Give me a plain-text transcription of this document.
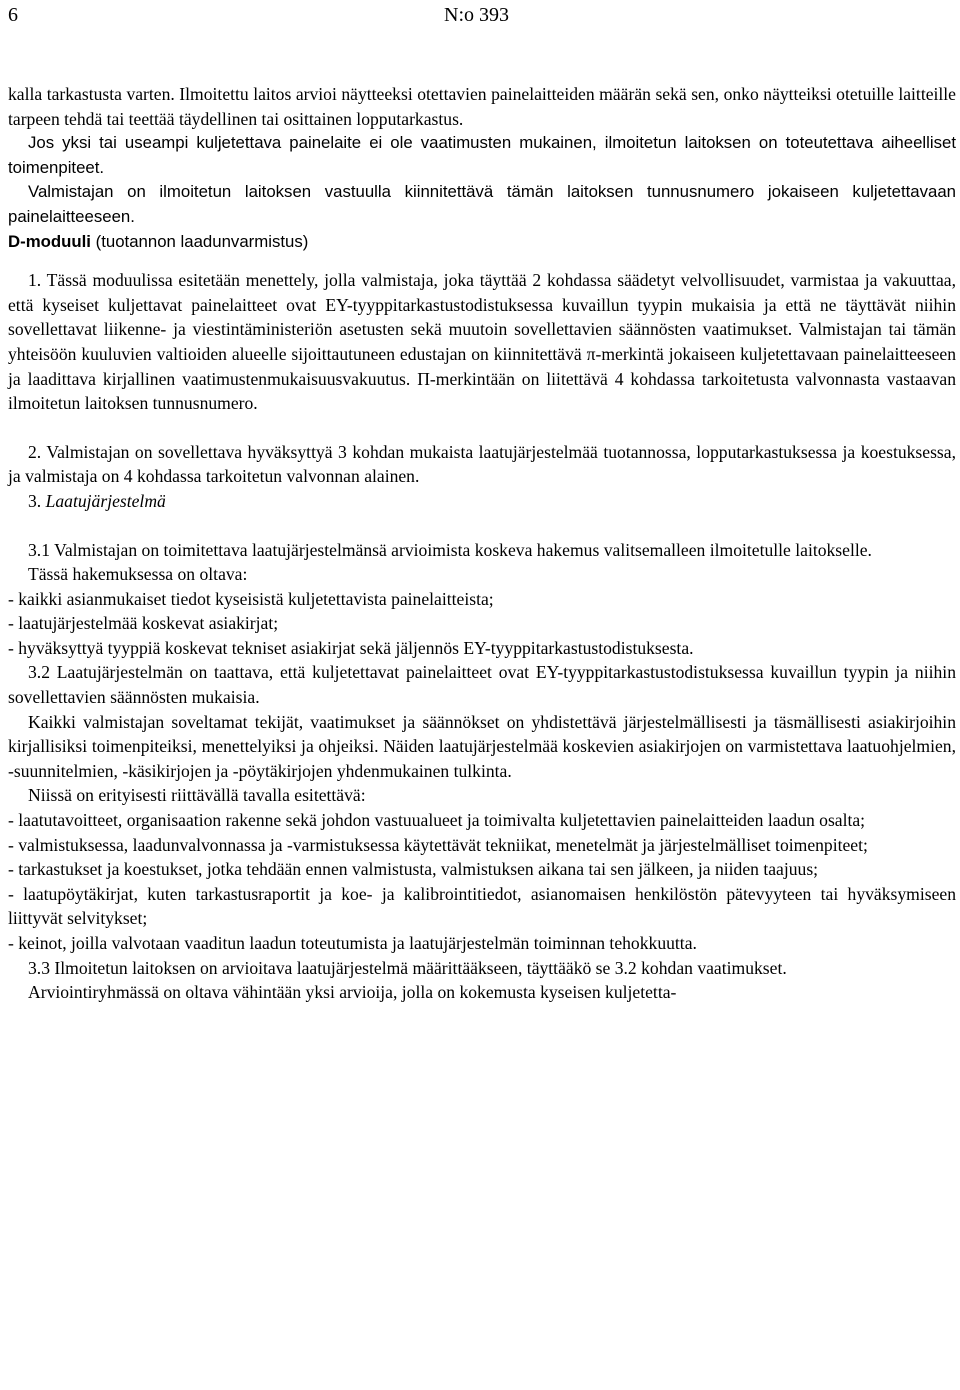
6	N:o 393

kalla tarkastusta varten. Ilmoitettu laitos arvioi näytteeksi otettavien painelaitteiden määrän sekä sen, onko näytteiksi otetuille laitteille tarpeen tehdä tai teettää täydellinen tai osittainen lopputarkastus.

Jos yksi tai useampi kuljetettava painelaite ei ole vaatimusten mukainen, ilmoitetun laitoksen on toteutettava aiheelliset toimenpiteet.

Valmistajan on ilmoitetun laitoksen vastuulla kiinnitettävä tämän laitoksen tunnusnumero jokaiseen kuljetettavaan painelaitteeseen.

D-moduuli (tuotannon laadunvarmistus)

1. Tässä moduulissa esitetään menettely, jolla valmistaja, joka täyttää 2 kohdassa säädetyt velvollisuudet, varmistaa ja vakuuttaa, että kyseiset kuljettavat painelaitteet ovat EY-tyyppitarkastustodistuksessa kuvaillun tyypin mukaisia ja että ne täyttävät niihin sovellettavat liikenne- ja viestintäministeriön asetusten sekä muutoin sovellettavien säännösten vaatimukset. Valmistajan tai tämän yhteisöön kuuluvien valtioiden alueelle sijoittautuneen edustajan on kiinnitettävä π-merkintä jokaiseen kuljetettavaan painelaitteeseen ja laadittava kirjallinen vaatimustenmukaisuusvakuutus. Π-merkintään on liitettävä 4 kohdassa tarkoitetusta valvonnasta vastaavan ilmoitetun laitoksen tunnusnumero.

2. Valmistajan on sovellettava hyväksyttyä 3 kohdan mukaista laatujärjestelmää tuotannossa, lopputarkastuksessa ja koestuksessa, ja valmistaja on 4 kohdassa tarkoitetun valvonnan alainen.

3. Laatujärjestelmä

3.1 Valmistajan on toimitettava laatujärjestelmänsä arvioimista koskeva hakemus valitsemalleen ilmoitetulle laitokselle.

Tässä hakemuksessa on oltava:

- kaikki asianmukaiset tiedot kyseisistä kuljetettavista painelaitteista;

- laatujärjestelmää koskevat asiakirjat;

- hyväksyttyä tyyppiä koskevat tekniset asiakirjat sekä jäljennös EY-tyyppitarkastustodistuksesta.

3.2 Laatujärjestelmän on taattava, että kuljetettavat painelaitteet ovat EY-tyyppitarkastustodistuksessa kuvaillun tyypin ja niihin sovellettavien säännösten mukaisia.

Kaikki valmistajan soveltamat tekijät, vaatimukset ja säännökset on yhdistettävä järjestelmällisesti ja täsmällisesti asiakirjoihin kirjallisiksi toimenpiteiksi, menettelyiksi ja ohjeiksi. Näiden laatujärjestelmää koskevien asiakirjojen on varmistettava laatuohjelmien, -suunnitelmien, -käsikirjojen ja -pöytäkirjojen yhdenmukainen tulkinta.

Niissä on erityisesti riittävällä tavalla esitettävä:

- laatutavoitteet, organisaation rakenne sekä johdon vastuualueet ja toimivalta kuljetettavien painelaitteiden laadun osalta;

- valmistuksessa, laadunvalvonnassa ja -varmistuksessa käytettävät tekniikat, menetelmät ja järjestelmälliset toimenpiteet;

- tarkastukset ja koestukset, jotka tehdään ennen valmistusta, valmistuksen aikana tai sen jälkeen, ja niiden taajuus;

- laatupöytäkirjat, kuten tarkastusraportit ja koe- ja kalibrointitiedot, asianomaisen henkilöstön pätevyyteen tai hyväksymiseen liittyvät selvitykset;

- keinot, joilla valvotaan vaaditun laadun toteutumista ja laatujärjestelmän toiminnan tehokkuutta.

3.3 Ilmoitetun laitoksen on arvioitava laatujärjestelmä määrittääkseen, täyttääkö se 3.2 kohdan vaatimukset.

Arviointiryhmässä on oltava vähintään yksi arvioija, jolla on kokemusta kyseisen kuljetetta-
